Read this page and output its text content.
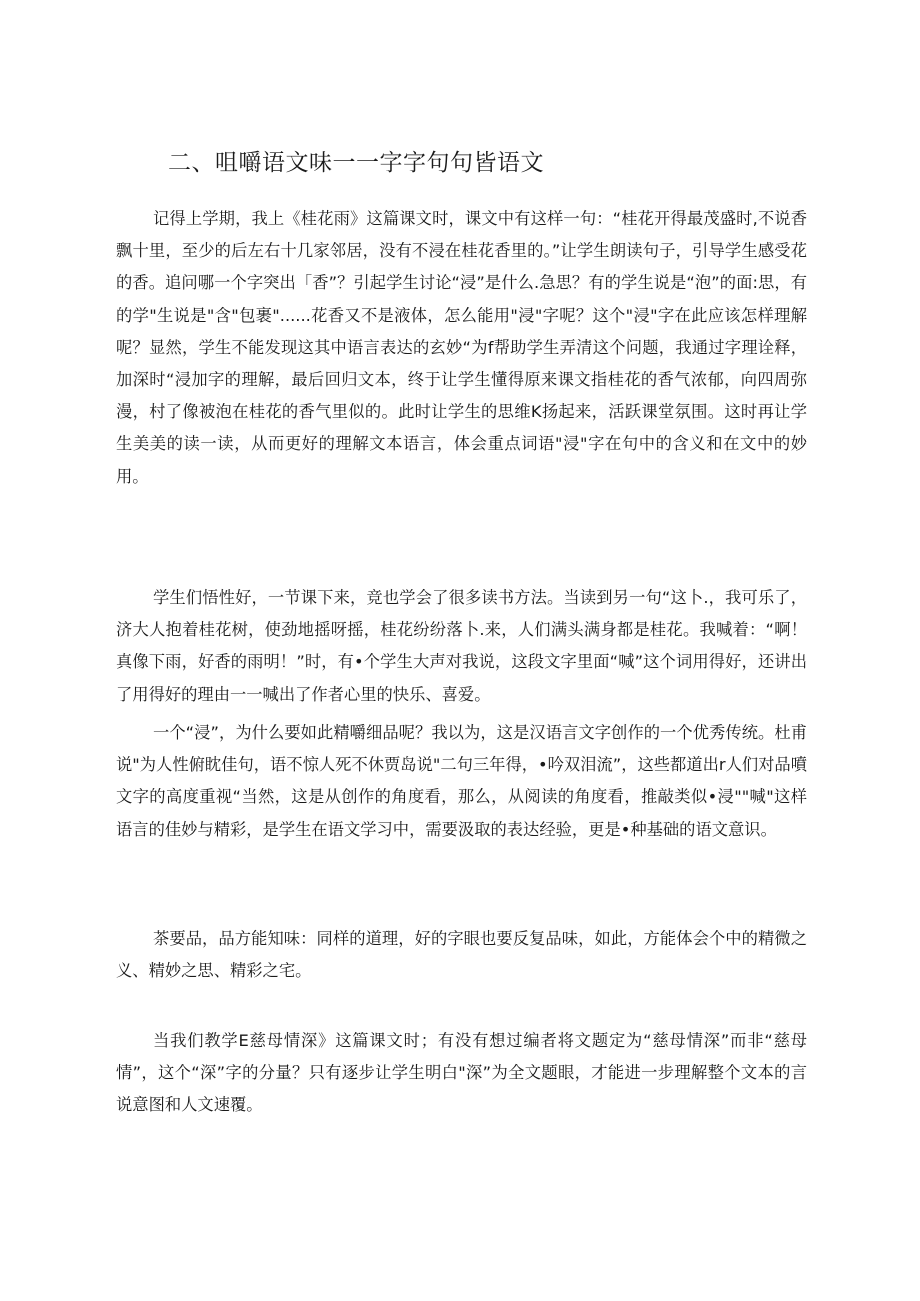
二、咀嚼语文味一一字字句句皆语文

记得上学期，我上《桂花雨》这篇课文时，课文中有这样一句：“桂花开得最茂盛时,不说香飘十里，至少的后左右十几家邻居，没有不浸在桂花香里的。”让学生朗读句子，引导学生感受花的香。追问哪一个字突出「香”？引起学生讨论“浸”是什么.急思？有的学生说是“泡”的面:思，有的学"生说是"含"包裹"......花香又不是液体，怎么能用"浸"字呢？这个"浸"字在此应该怎样理解呢？显然，学生不能发现这其中语言表达的玄妙“为f帮助学生弄清这个问题，我通过字理诠释，加深时“浸加字的理解，最后回归文本，终于让学生懂得原来课文指桂花的香气浓郁，向四周弥漫，村了像被泡在桂花的香气里似的。此时让学生的思维K扬起来，活跃课堂氛围。这时再让学生美美的读一读，从而更好的理解文本语言，体会重点词语"浸"字在句中的含义和在文中的妙用。

学生们悟性好，一节课下来，竞也学会了很多读书方法。当读到另一句“这卜.，我可乐了，济大人抱着桂花树，使劲地摇呀摇，桂花纷纷落卜.来，人们满头满身都是桂花。我喊着：“啊！真像下雨，好香的雨明！”时，有•个学生大声对我说，这段文字里面“喊”这个词用得好，还讲出了用得好的理由一一喊出了作者心里的快乐、喜爱。

一个“浸”，为什么要如此精嚼细品呢？我以为，这是汉语言文字创作的一个优秀传统。杜甫说"为人性俯眈佳句，语不惊人死不休贾岛说"二句三年得，•吟双泪流”，这些都道出r人们对品噴文字的高度重视“当然，这是从创作的角度看，那么，从阅读的角度看，推敲类似•浸""喊"这样语言的佳妙与精彩，是学生在语文学习中，需要汲取的表达经验，更是•种基础的语文意识。

茶要品，品方能知味：同样的道理，好的字眼也要反复品味，如此，方能体会个中的精微之义、精妙之思、精彩之宅。

当我们教学E慈母情深》这篇课文时；有没有想过编者将文题定为“慈母情深”而非“慈母情”，这个“深”字的分量？只有逐步让学生明白"深”为全文题眼，才能进一步理解整个文本的言说意图和人文速覆。
